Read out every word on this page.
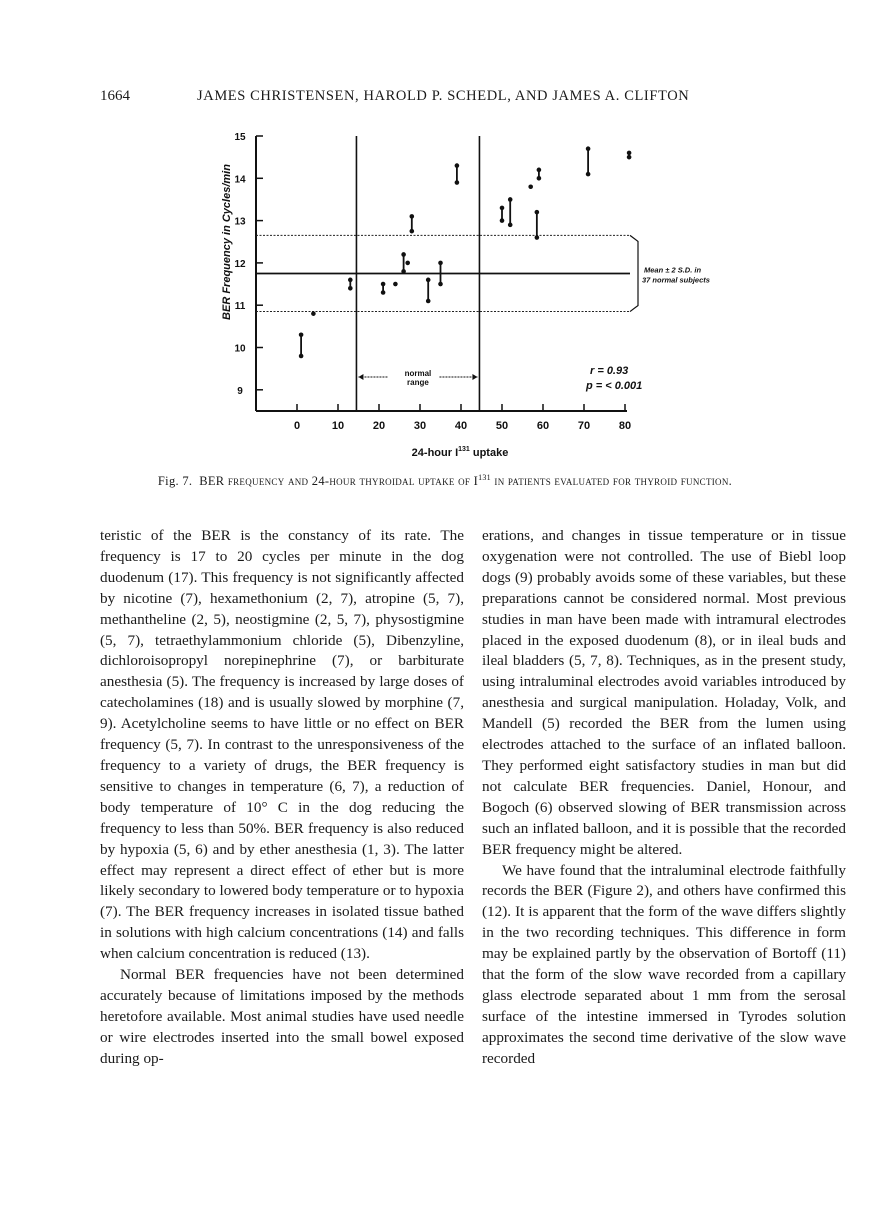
1664	JAMES CHRISTENSEN, HAROLD P. SCHEDL, AND JAMES A. CLIFTON
9
10
11
12
13
14
15
0	10	20	30	40	50	60	70	80
Mean ± 2 S.D. in
37 normal subjects
r = 0.93
p = < 0.001
normal
range
BER Frequency in Cycles/min
24-hour $I^{131}$ uptake
Fig. 7. BER frequency and 24-hour thyroidal uptake of $I^{131}$ in patients evaluated for thyroid function.

teristic of the BER is the constancy of its rate. The frequency is 17 to 20 cycles per minute in the dog duodenum (17). This frequency is not significantly affected by nicotine (7), hexamethonium (2, 7), atropine (5, 7), methantheline (2, 5), neostigmine (2, 5, 7), physostigmine (5, 7), tetraethylammonium chloride (5), Dibenzyline, dichloroisopropyl norepinephrine (7), or barbiturate anesthesia (5). The frequency is increased by large doses of catecholamines (18) and is usually slowed by morphine (7, 9). Acetylcholine seems to have little or no effect on BER frequency (5, 7). In contrast to the unresponsiveness of the frequency to a variety of drugs, the BER frequency is sensitive to changes in temperature (6, 7), a reduction of body temperature of 10° C in the dog reducing the frequency to less than 50%. BER frequency is also reduced by hypoxia (5, 6) and by ether anesthesia (1, 3). The latter effect may represent a direct effect of ether but is more likely secondary to lowered body temperature or to hypoxia (7). The BER frequency increases in isolated tissue bathed in solutions with high calcium concentrations (14) and falls when calcium concentration is reduced (13).

Normal BER frequencies have not been determined accurately because of limitations imposed by the methods heretofore available. Most animal studies have used needle or wire electrodes inserted into the small bowel exposed during op-

erations, and changes in tissue temperature or in tissue oxygenation were not controlled. The use of Biebl loop dogs (9) probably avoids some of these variables, but these preparations cannot be considered normal. Most previous studies in man have been made with intramural electrodes placed in the exposed duodenum (8), or in ileal buds and ileal bladders (5, 7, 8). Techniques, as in the present study, using intraluminal electrodes avoid variables introduced by anesthesia and surgical manipulation. Holaday, Volk, and Mandell (5) recorded the BER from the lumen using electrodes attached to the surface of an inflated balloon. They performed eight satisfactory studies in man but did not calculate BER frequencies. Daniel, Honour, and Bogoch (6) observed slowing of BER transmission across such an inflated balloon, and it is possible that the recorded BER frequency might be altered.

We have found that the intraluminal electrode faithfully records the BER (Figure 2), and others have confirmed this (12). It is apparent that the form of the wave differs slightly in the two recording techniques. This difference in form may be explained partly by the observation of Bortoff (11) that the form of the slow wave recorded from a capillary glass electrode separated about 1 mm from the serosal surface of the intestine immersed in Tyrodes solution approximates the second time derivative of the slow wave recorded
